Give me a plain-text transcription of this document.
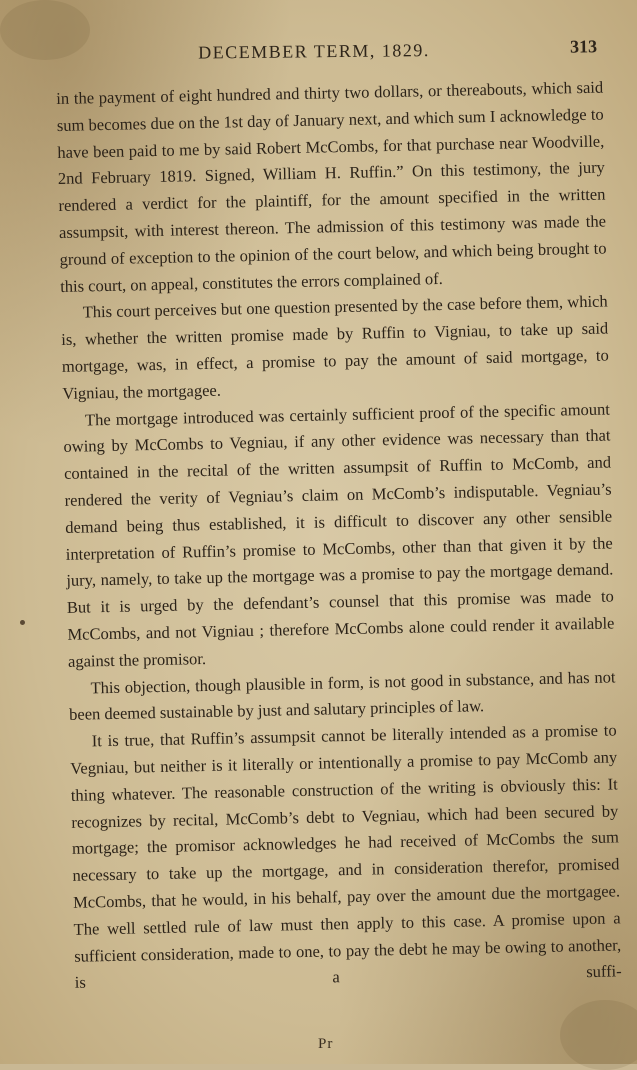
DECEMBER TERM, 1829.	313

in the payment of eight hundred and thirty two dollars, or thereabouts, which said sum becomes due on the 1st day of January next, and which sum I acknowledge to have been paid to me by said Robert McCombs, for that purchase near Woodville, 2nd February 1819. Signed, William H. Ruffin.” On this testimony, the jury rendered a verdict for the plaintiff, for the amount specified in the written assumpsit, with interest thereon. The admission of this testimony was made the ground of exception to the opinion of the court below, and which being brought to this court, on appeal, constitutes the errors complained of.

This court perceives but one question presented by the case before them, which is, whether the written promise made by Ruffin to Vigniau, to take up said mortgage, was, in effect, a promise to pay the amount of said mortgage, to Vigniau, the mortgagee.

The mortgage introduced was certainly sufficient proof of the specific amount owing by McCombs to Vegniau, if any other evidence was necessary than that contained in the recital of the written assumpsit of Ruffin to McComb, and rendered the verity of Vegniau’s claim on McComb’s indisputable. Vegniau’s demand being thus established, it is difficult to discover any other sensible interpretation of Ruffin’s promise to McCombs, other than that given it by the jury, namely, to take up the mortgage was a promise to pay the mortgage demand. But it is urged by the defendant’s counsel that this promise was made to McCombs, and not Vigniau ; therefore McCombs alone could render it available against the promisor.

This objection, though plausible in form, is not good in substance, and has not been deemed sustainable by just and salutary principles of law.

It is true, that Ruffin’s assumpsit cannot be literally intended as a promise to Vegniau, but neither is it literally or intentionally a promise to pay McComb any thing whatever. The reasonable construction of the writing is obviously this: It recognizes by recital, McComb’s debt to Vegniau, which had been secured by mortgage; the promisor acknowledges he had received of McCombs the sum necessary to take up the mortgage, and in consideration therefor, promised McCombs, that he would, in his behalf, pay over the amount due the mortgagee. The well settled rule of law must then apply to this case. A promise upon a sufficient consideration, made to one, to pay the debt he may be owing to another, is a suffi-

Pr
